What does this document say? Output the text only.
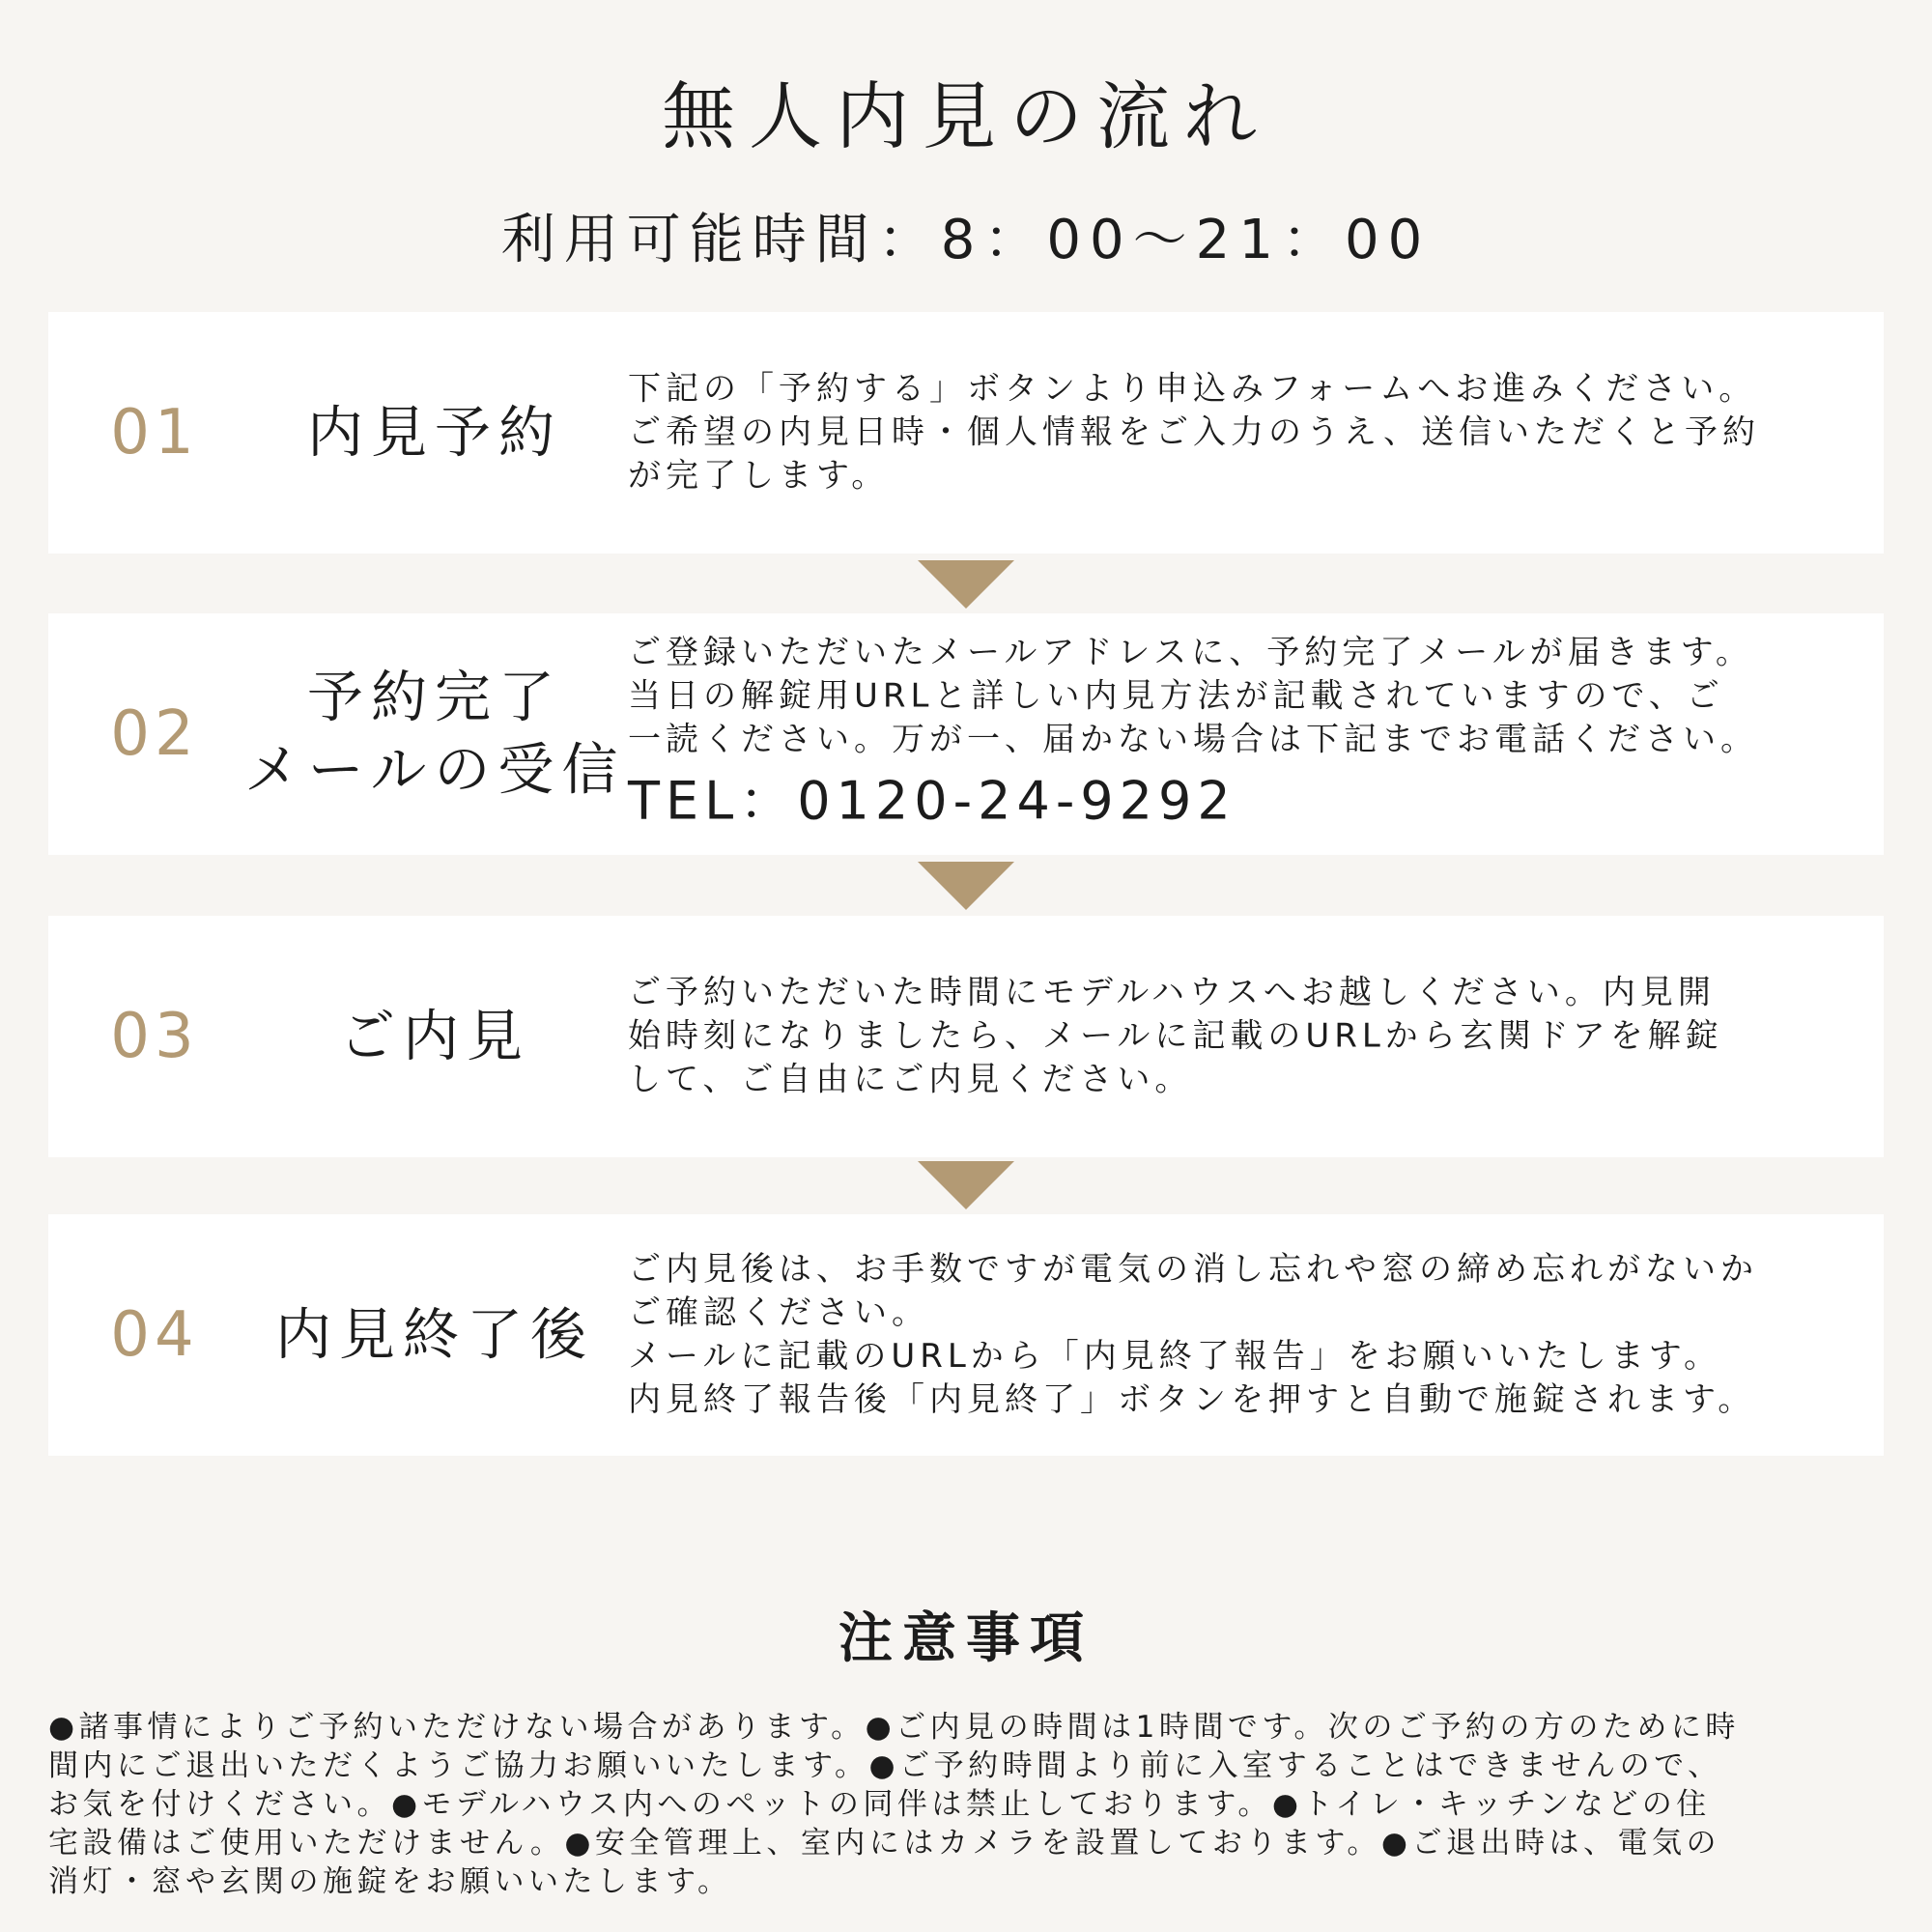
無人内見の流れ
利用可能時間：8：00〜21：00
01	内見予約

下記の「予約する」ボタンより申込みフォームへお進みください。

ご希望の内見日時・個人情報をご入力のうえ、送信いただくと予約

が完了します。

02
予約完了
メールの受信

ご登録いただいたメールアドレスに、予約完了メールが届きます。

当日の解錠用URLと詳しい内見方法が記載されていますので、ご

一読ください。万が一、届かない場合は下記までお電話ください。

TEL：0120-24-9292

03	ご内見

ご予約いただいた時間にモデルハウスへお越しください。内見開

始時刻になりましたら、メールに記載のURLから玄関ドアを解錠

して、ご自由にご内見ください。

04	内見終了後

ご内見後は、お手数ですが電気の消し忘れや窓の締め忘れがないか

ご確認ください。

メールに記載のURLから「内見終了報告」をお願いいたします。

内見終了報告後「内見終了」ボタンを押すと自動で施錠されます。

注意事項

●諸事情によりご予約いただけない場合があります。●ご内見の時間は1時間です。次のご予約の方のために時

間内にご退出いただくようご協力お願いいたします。●ご予約時間より前に入室することはできませんので、

お気を付けください。●モデルハウス内へのペットの同伴は禁止しております。●トイレ・キッチンなどの住

宅設備はご使用いただけません。●安全管理上、室内にはカメラを設置しております。●ご退出時は、電気の

消灯・窓や玄関の施錠をお願いいたします。
